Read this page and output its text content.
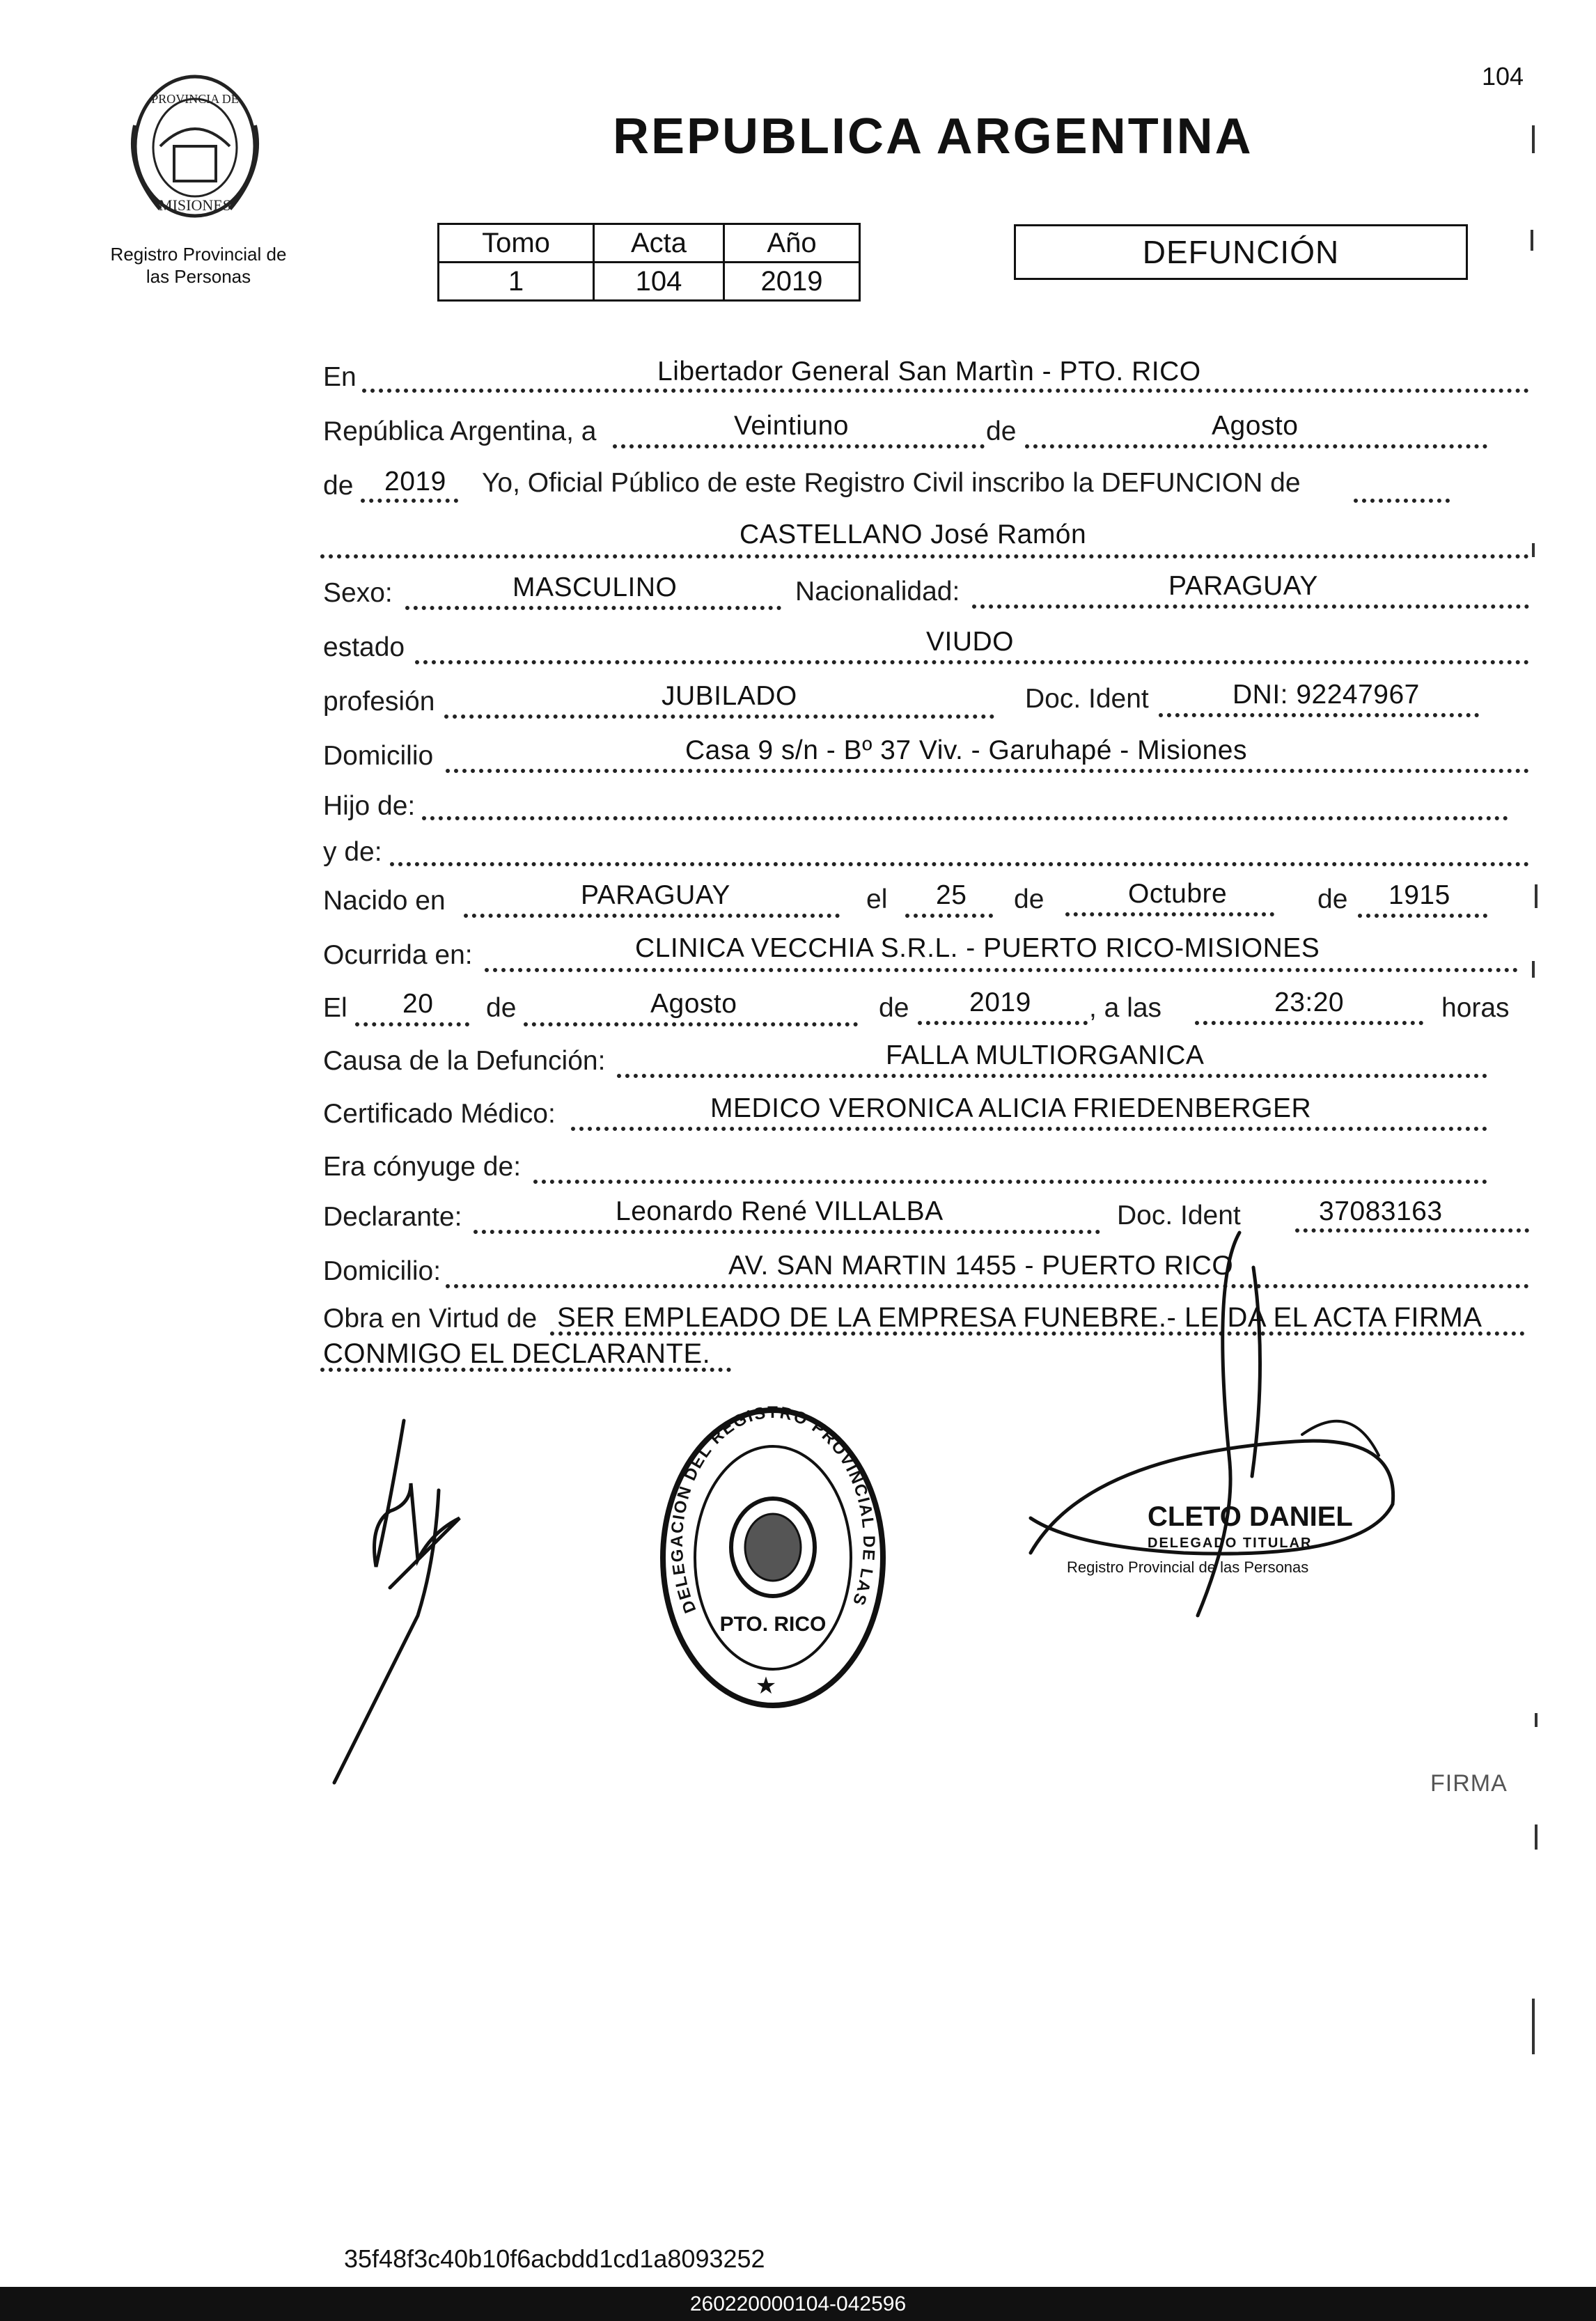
104
PROVINCIA DE
MISIONES
Registro Provincial de
las Personas
REPUBLICA ARGENTINA
Tomo	Acta	Año
1	104	2019
DEFUNCIÓN
En	Libertador General San Martìn - PTO. RICO
República Argentina, a	Veintiuno	de	Agosto
de 2019 Yo, Oficial Público de este Registro Civil inscribo la DEFUNCION de
CASTELLANO José Ramón
Sexo:	MASCULINO	Nacionalidad:	PARAGUAY
estado	VIUDO
profesión	JUBILADO	Doc. Ident	DNI: 92247967
Domicilio	Casa 9 s/n - Bº 37 Viv. - Garuhapé - Misiones
Hijo de:
y de:
Nacido en	PARAGUAY	el 25 de	Octubre	de 1915
Ocurrida en:	CLINICA VECCHIA S.R.L. - PUERTO RICO-MISIONES
El 20 de	Agosto	de 2019 , a las	23:20	horas
Causa de la Defunción:	FALLA MULTIORGANICA
Certificado Médico:	MEDICO VERONICA ALICIA FRIEDENBERGER
Era cónyuge de:
Declarante:	Leonardo René VILLALBA	Doc. Ident	37083163
Domicilio:	AV. SAN MARTIN 1455 - PUERTO RICO
Obra en Virtud de SER EMPLEADO DE LA EMPRESA FUNEBRE.- LEIDA EL ACTA FIRMA
CONMIGO EL DECLARANTE.
DELEGACION DEL REGISTRO PROVINCIAL DE LAS
PTO. RICO
★
CLETO DANIEL
DELEGADO TITULAR
Registro Provincial de las Personas
FIRMA
35f48f3c40b10f6acbdd1cd1a8093252
260220000104-042596
